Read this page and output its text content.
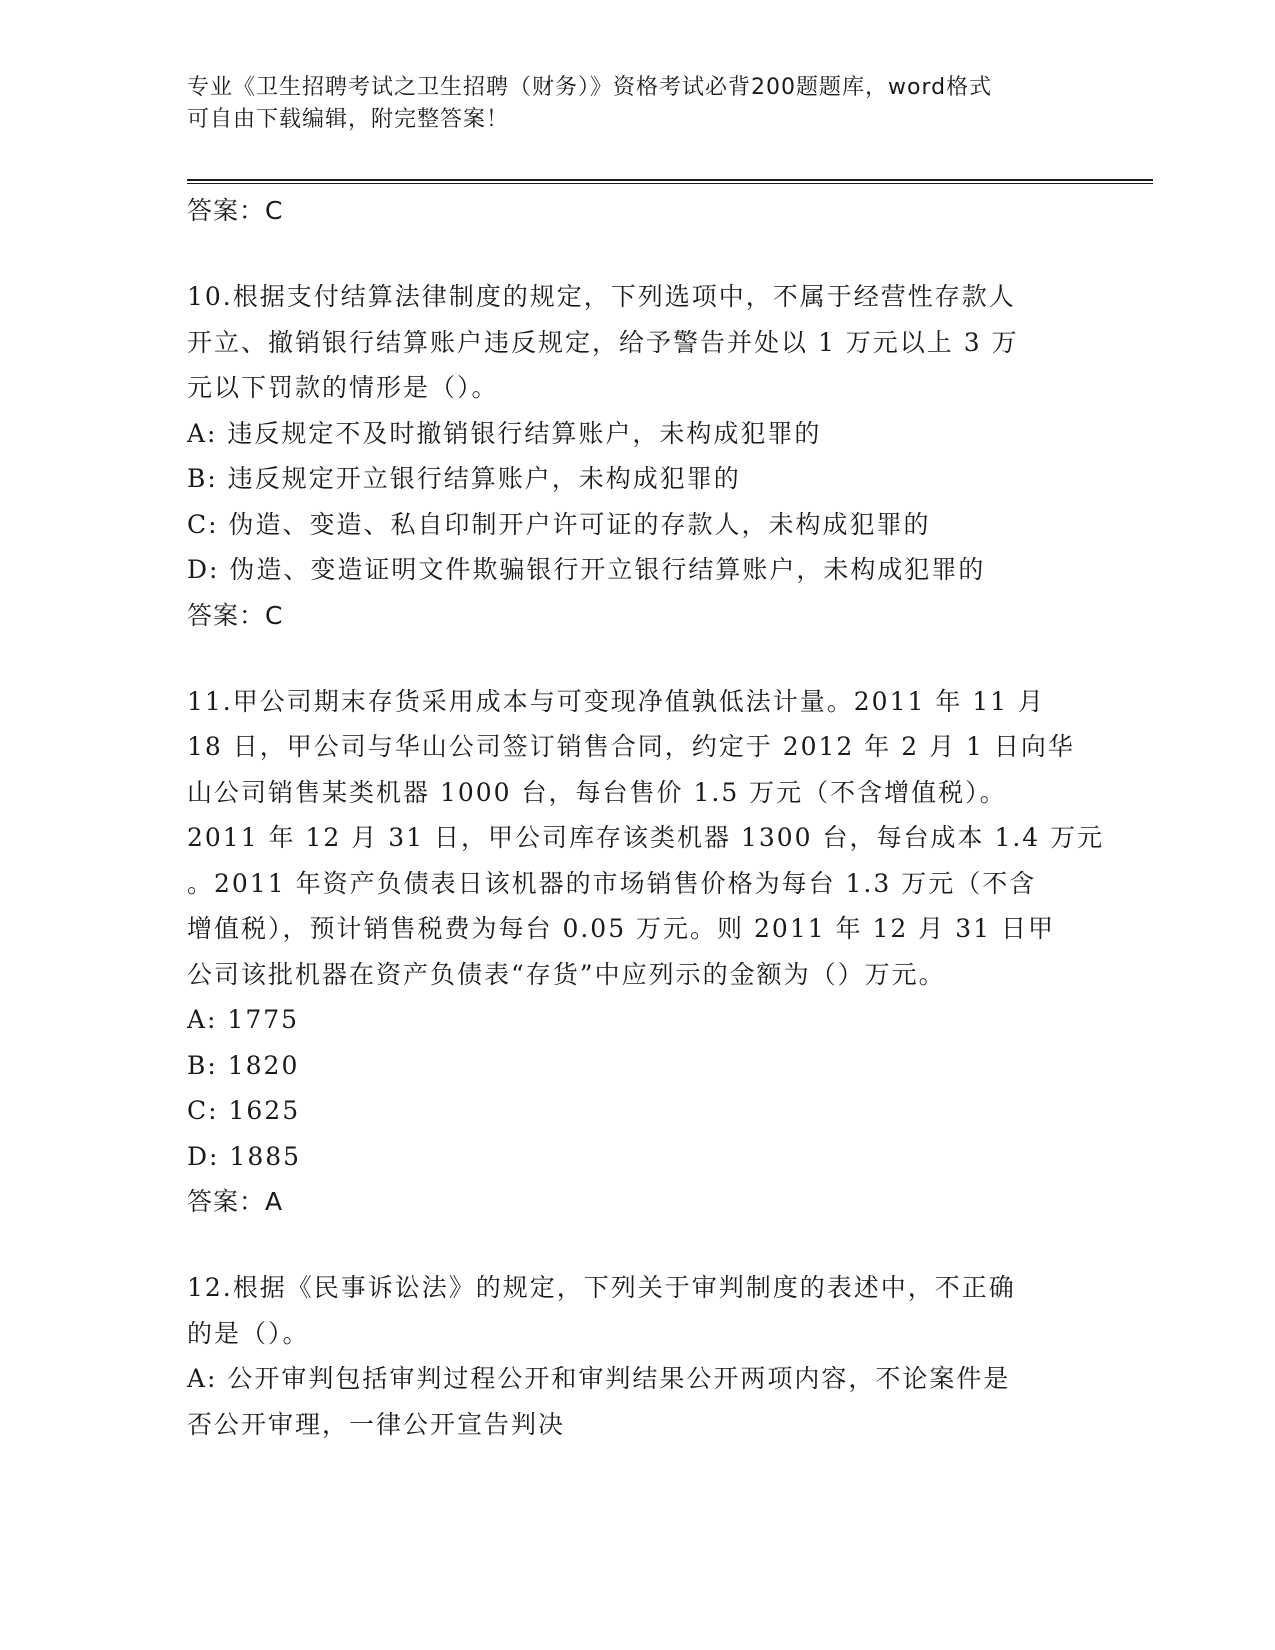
专业《卫生招聘考试之卫生招聘（财务）》资格考试必背200题题库，word格式
可自由下载编辑，附完整答案！
答案：C
10.根据支付结算法律制度的规定，下列选项中，不属于经营性存款人
开立、撤销银行结算账户违反规定，给予警告并处以 1 万元以上 3 万
元以下罚款的情形是（）。
A: 违反规定不及时撤销银行结算账户，未构成犯罪的
B: 违反规定开立银行结算账户，未构成犯罪的
C: 伪造、变造、私自印制开户许可证的存款人，未构成犯罪的
D: 伪造、变造证明文件欺骗银行开立银行结算账户，未构成犯罪的
答案：C
11.甲公司期末存货采用成本与可变现净值孰低法计量。2011 年 11 月
18 日，甲公司与华山公司签订销售合同，约定于 2012 年 2 月 1 日向华
山公司销售某类机器 1000 台，每台售价 1.5 万元（不含增值税）。
2011 年 12 月 31 日，甲公司库存该类机器 1300 台，每台成本 1.4 万元
。2011 年资产负债表日该机器的市场销售价格为每台 1.3 万元（不含
增值税），预计销售税费为每台 0.05 万元。则 2011 年 12 月 31 日甲
公司该批机器在资产负债表“存货”中应列示的金额为（）万元。
A: 1775
B: 1820
C: 1625
D: 1885
答案：A
12.根据《民事诉讼法》的规定，下列关于审判制度的表述中，不正确
的是（）。
A: 公开审判包括审判过程公开和审判结果公开两项内容，不论案件是
否公开审理，一律公开宣告判决
